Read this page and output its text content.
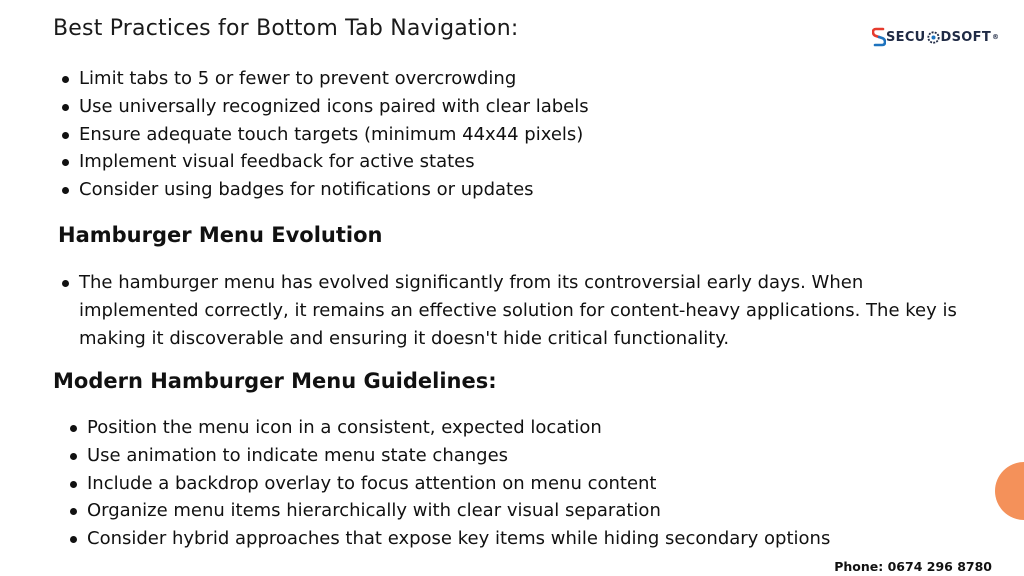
Best Practices for Bottom Tab Navigation:	SECU DSOFT ®
Limit tabs to 5 or fewer to prevent overcrowding
Use universally recognized icons paired with clear labels
Ensure adequate touch targets (minimum 44x44 pixels)
Implement visual feedback for active states
Consider using badges for notifications or updates
Hamburger Menu Evolution
The hamburger menu has evolved significantly from its controversial early days. When implemented correctly, it remains an effective solution for content-heavy applications. The key is making it discoverable and ensuring it doesn't hide critical functionality.
Modern Hamburger Menu Guidelines:
Position the menu icon in a consistent, expected location
Use animation to indicate menu state changes
Include a backdrop overlay to focus attention on menu content
Organize menu items hierarchically with clear visual separation
Consider hybrid approaches that expose key items while hiding secondary options
Phone: 0674 296 8780
